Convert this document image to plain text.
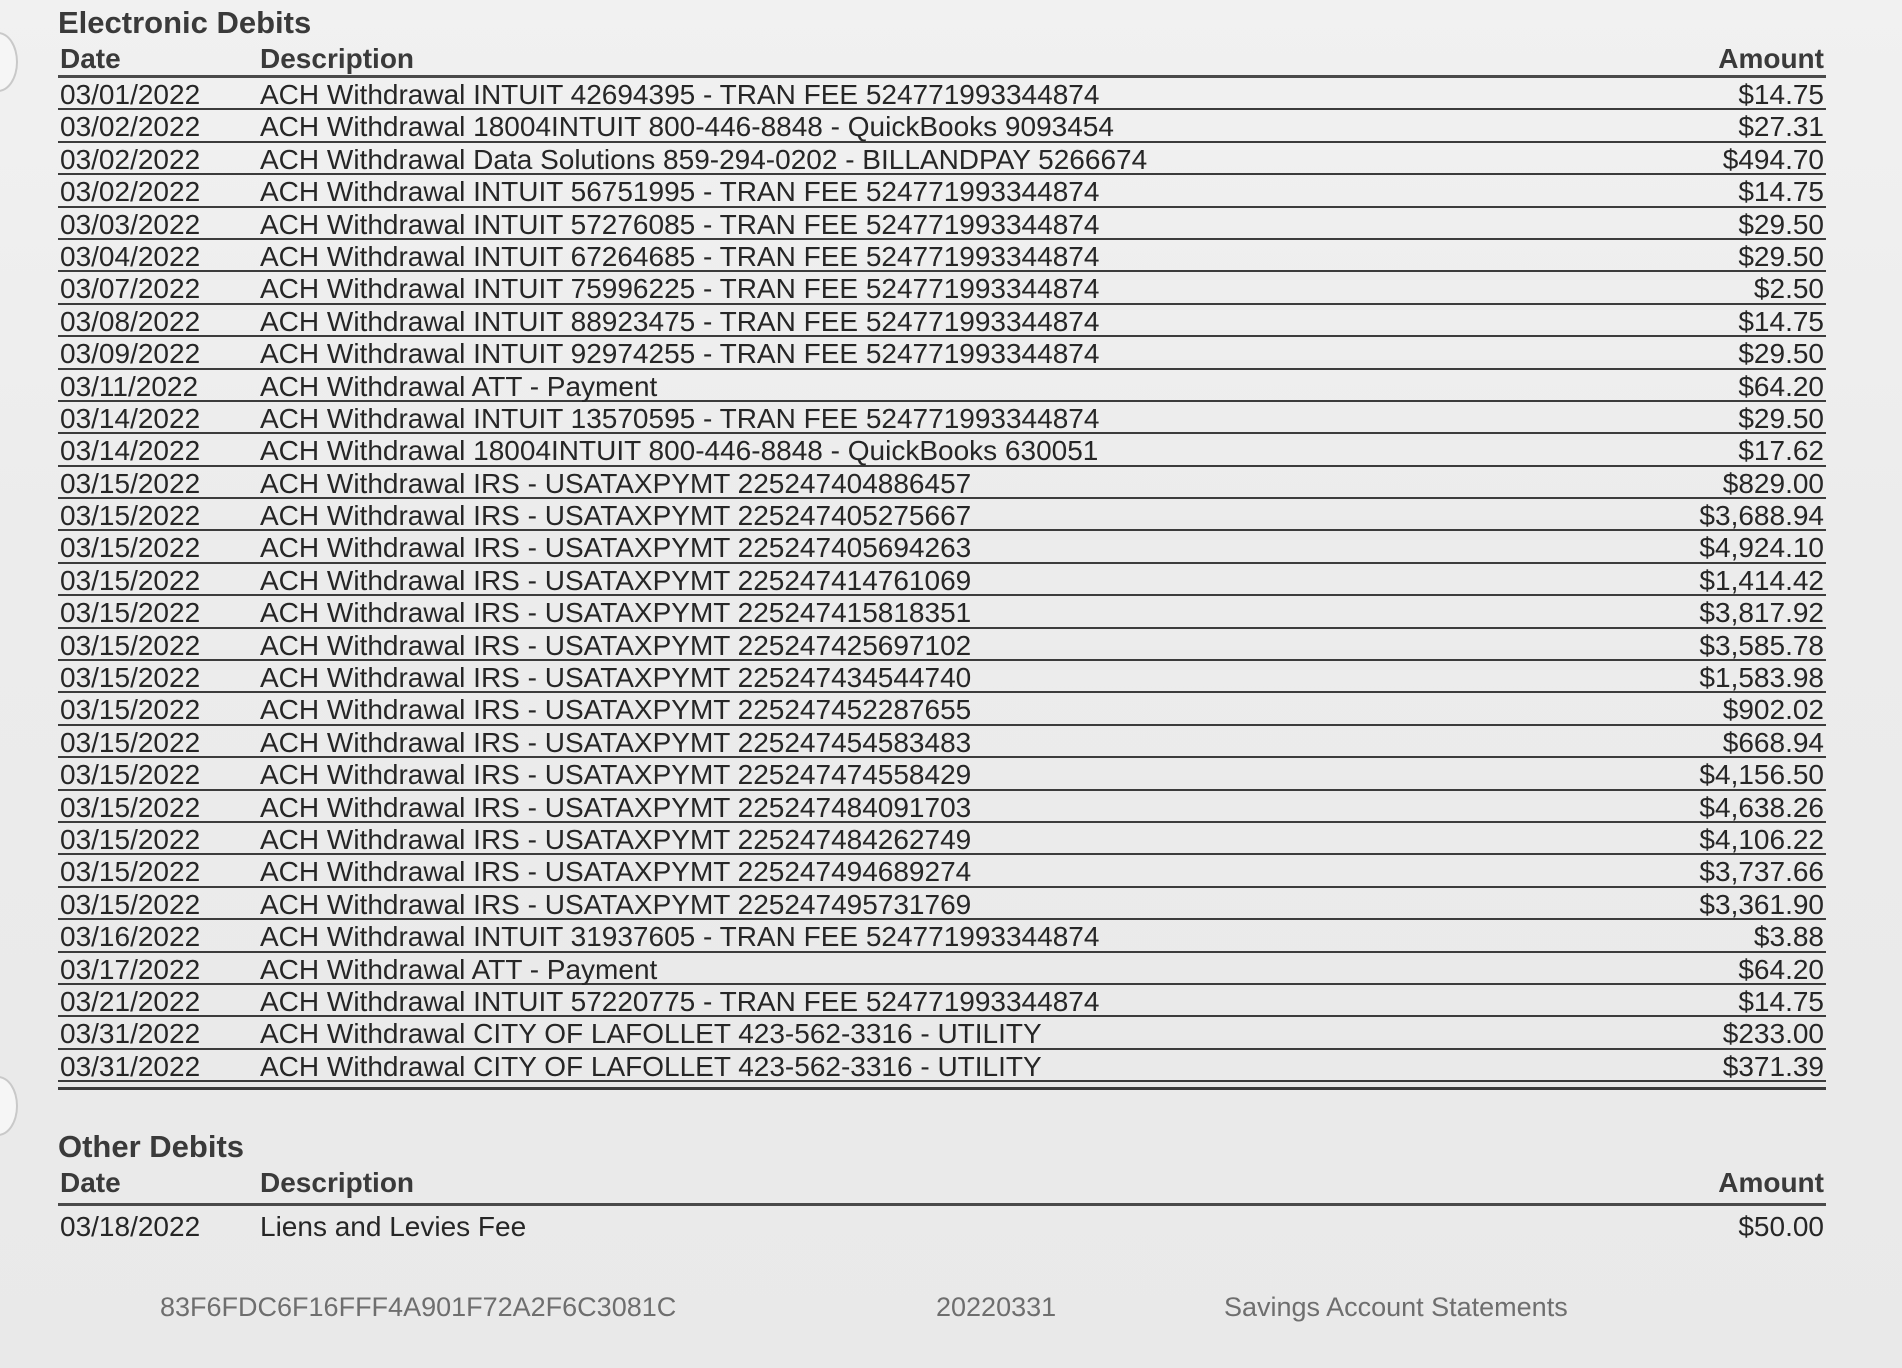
Electronic Debits
Date	Description	Amount
03/01/2022 ACH Withdrawal INTUIT 42694395 - TRAN FEE 524771993344874	$14.75
03/02/2022 ACH Withdrawal 18004INTUIT 800-446-8848 - QuickBooks 9093454	$27.31
03/02/2022 ACH Withdrawal Data Solutions 859-294-0202 - BILLANDPAY 5266674	$494.70
03/02/2022 ACH Withdrawal INTUIT 56751995 - TRAN FEE 524771993344874	$14.75
03/03/2022 ACH Withdrawal INTUIT 57276085 - TRAN FEE 524771993344874	$29.50
03/04/2022 ACH Withdrawal INTUIT 67264685 - TRAN FEE 524771993344874	$29.50
03/07/2022 ACH Withdrawal INTUIT 75996225 - TRAN FEE 524771993344874	$2.50
03/08/2022 ACH Withdrawal INTUIT 88923475 - TRAN FEE 524771993344874	$14.75
03/09/2022 ACH Withdrawal INTUIT 92974255 - TRAN FEE 524771993344874	$29.50
03/11/2022 ACH Withdrawal ATT - Payment	$64.20
03/14/2022 ACH Withdrawal INTUIT 13570595 - TRAN FEE 524771993344874	$29.50
03/14/2022 ACH Withdrawal 18004INTUIT 800-446-8848 - QuickBooks 630051	$17.62
03/15/2022 ACH Withdrawal IRS - USATAXPYMT 225247404886457	$829.00
03/15/2022 ACH Withdrawal IRS - USATAXPYMT 225247405275667	$3,688.94
03/15/2022 ACH Withdrawal IRS - USATAXPYMT 225247405694263	$4,924.10
03/15/2022 ACH Withdrawal IRS - USATAXPYMT 225247414761069	$1,414.42
03/15/2022 ACH Withdrawal IRS - USATAXPYMT 225247415818351	$3,817.92
03/15/2022 ACH Withdrawal IRS - USATAXPYMT 225247425697102	$3,585.78
03/15/2022 ACH Withdrawal IRS - USATAXPYMT 225247434544740	$1,583.98
03/15/2022 ACH Withdrawal IRS - USATAXPYMT 225247452287655	$902.02
03/15/2022 ACH Withdrawal IRS - USATAXPYMT 225247454583483	$668.94
03/15/2022 ACH Withdrawal IRS - USATAXPYMT 225247474558429	$4,156.50
03/15/2022 ACH Withdrawal IRS - USATAXPYMT 225247484091703	$4,638.26
03/15/2022 ACH Withdrawal IRS - USATAXPYMT 225247484262749	$4,106.22
03/15/2022 ACH Withdrawal IRS - USATAXPYMT 225247494689274	$3,737.66
03/15/2022 ACH Withdrawal IRS - USATAXPYMT 225247495731769	$3,361.90
03/16/2022 ACH Withdrawal INTUIT 31937605 - TRAN FEE 524771993344874	$3.88
03/17/2022 ACH Withdrawal ATT - Payment	$64.20
03/21/2022 ACH Withdrawal INTUIT 57220775 - TRAN FEE 524771993344874	$14.75
03/31/2022 ACH Withdrawal CITY OF LAFOLLET 423-562-3316 - UTILITY	$233.00
03/31/2022 ACH Withdrawal CITY OF LAFOLLET 423-562-3316 - UTILITY	$371.39
Other Debits
Date	Description	Amount
03/18/2022 Liens and Levies Fee	$50.00
83F6FDC6F16FFF4A901F72A2F6C3081C	20220331	Savings Account Statements
